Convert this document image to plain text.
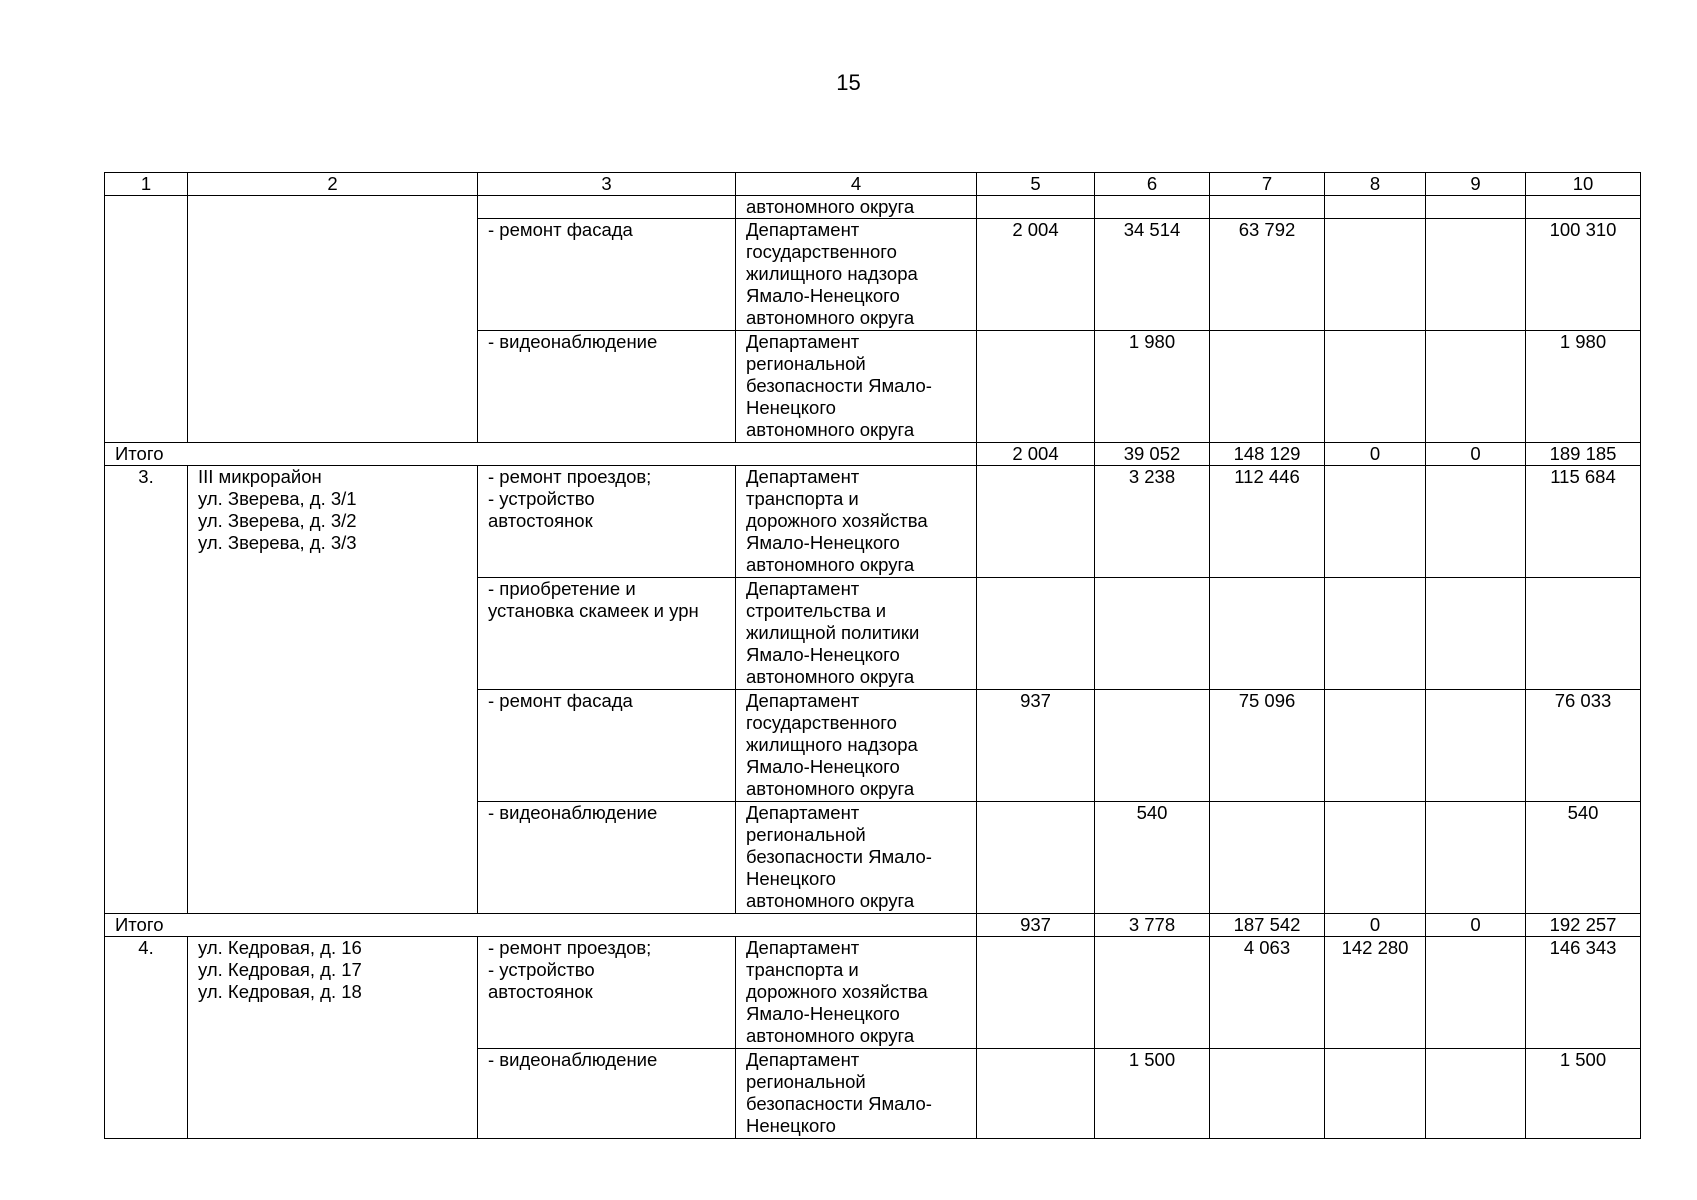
15
1	2	3	4	5	6	7	8	9	10

			автономного округа						

		- ремонт фасада	Департамент
государственного
жилищного надзора
Ямало-Ненецкого
автономного округа	2 004	34 514	63 792			100 310
		- видеонаблюдение	Департамент
региональной
безопасности Ямало-
Ненецкого
автономного округа		1 980				1 980
Итого				2 004	39 052	148 129	0	0	189 185
3.	III микрорайон
ул. Зверева, д. 3/1
ул. Зверева, д. 3/2
ул. Зверева, д. 3/3	- ремонт проездов;
- устройство
автостоянок	Департамент
транспорта и
дорожного хозяйства
Ямало-Ненецкого
автономного округа		3 238	112 446			115 684

		- приобретение и
установка скамеек и урн	Департамент
строительства и
жилищной политики
Ямало-Ненецкого
автономного округа						

		- ремонт фасада	Департамент
государственного
жилищного надзора
Ямало-Ненецкого
автономного округа	937		75 096			76 033

		- видеонаблюдение	Департамент
региональной
безопасности Ямало-
Ненецкого
автономного округа		540				540
Итого				937	3 778	187 542	0	0	192 257
4.	ул. Кедровая, д. 16
ул. Кедровая, д. 17
ул. Кедровая, д. 18	- ремонт проездов;
- устройство
автостоянок	Департамент
транспорта и
дорожного хозяйства
Ямало-Ненецкого
автономного округа			4 063	142 280		146 343

		- видеонаблюдение	Департамент
региональной
безопасности Ямало-
Ненецкого		1 500				1 500
